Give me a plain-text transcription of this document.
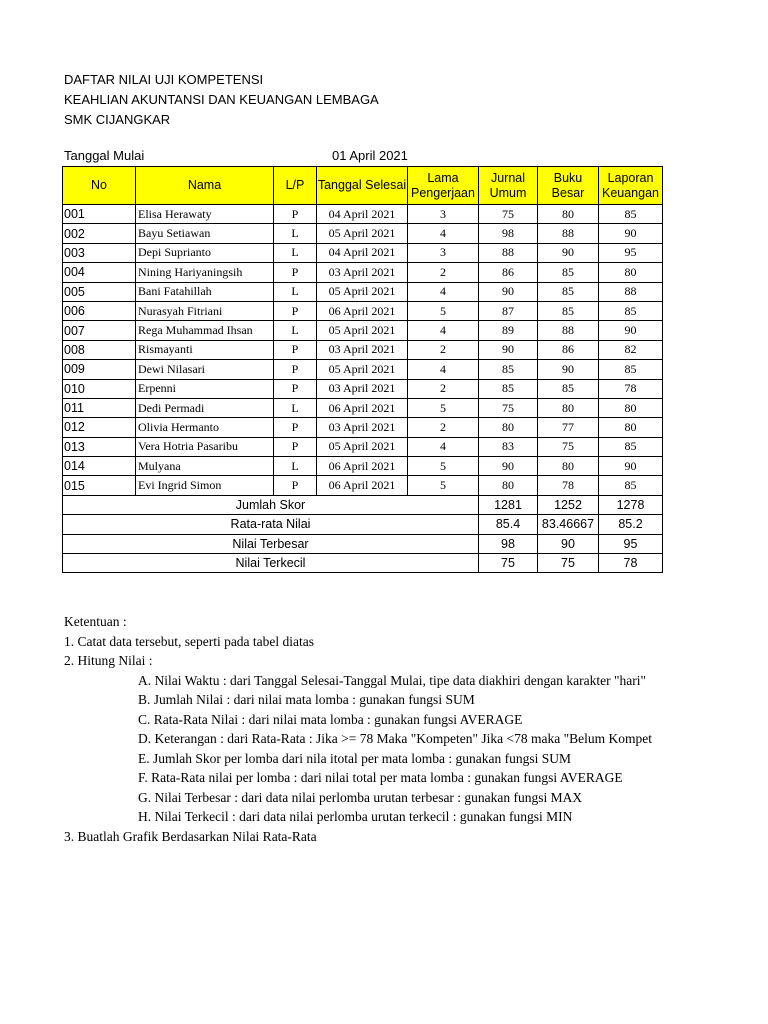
DAFTAR NILAI UJI KOMPETENSI
KEAHLIAN AKUNTANSI DAN KEUANGAN LEMBAGA
SMK CIJANGKAR
Tanggal Mulai	01 April 2021
No	Nama	L/P	Tanggal Selesai	Lama Pengerjaan	Jurnal Umum	Buku Besar	Laporan Keuangan
001	Elisa Herawaty	P	04 April 2021	3	75	80	85
002	Bayu Setiawan	L	05 April 2021	4	98	88	90
003	Depi Suprianto	L	04 April 2021	3	88	90	95
004	Nining Hariyaningsih	P	03 April 2021	2	86	85	80
005	Bani Fatahillah	L	05 April 2021	4	90	85	88
006	Nurasyah Fitriani	P	06 April 2021	5	87	85	85
007	Rega Muhammad Ihsan	L	05 April 2021	4	89	88	90
008	Rismayanti	P	03 April 2021	2	90	86	82
009	Dewi Nilasari	P	05 April 2021	4	85	90	85
010	Erpenni	P	03 April 2021	2	85	85	78
011	Dedi Permadi	L	06 April 2021	5	75	80	80
012	Olivia Hermanto	P	03 April 2021	2	80	77	80
013	Vera Hotria Pasaribu	P	05 April 2021	4	83	75	85
014	Mulyana	L	06 April 2021	5	90	80	90
015	Evi Ingrid Simon	P	06 April 2021	5	80	78	85
Jumlah Skor					1281	1252	1278
Rata-rata Nilai					85.4	83.46667	85.2
Nilai Terbesar					98	90	95
Nilai Terkecil					75	75	78
Ketentuan :
1. Catat data tersebut, seperti pada tabel diatas
2. Hitung Nilai :
A. Nilai Waktu : dari Tanggal Selesai-Tanggal Mulai, tipe data diakhiri dengan karakter "hari"
B. Jumlah Nilai : dari nilai mata lomba : gunakan fungsi SUM
C. Rata-Rata Nilai : dari nilai mata lomba : gunakan fungsi AVERAGE
D. Keterangan : dari Rata-Rata : Jika >= 78 Maka "Kompeten" Jika <78 maka "Belum Kompet
E. Jumlah Skor per lomba dari nila itotal per mata lomba : gunakan fungsi SUM
F. Rata-Rata nilai per lomba : dari nilai total per mata lomba : gunakan fungsi AVERAGE
G. Nilai Terbesar : dari data nilai perlomba urutan terbesar : gunakan fungsi MAX
H. Nilai Terkecil : dari data nilai perlomba urutan terkecil : gunakan fungsi MIN
3. Buatlah Grafik Berdasarkan Nilai Rata-Rata
